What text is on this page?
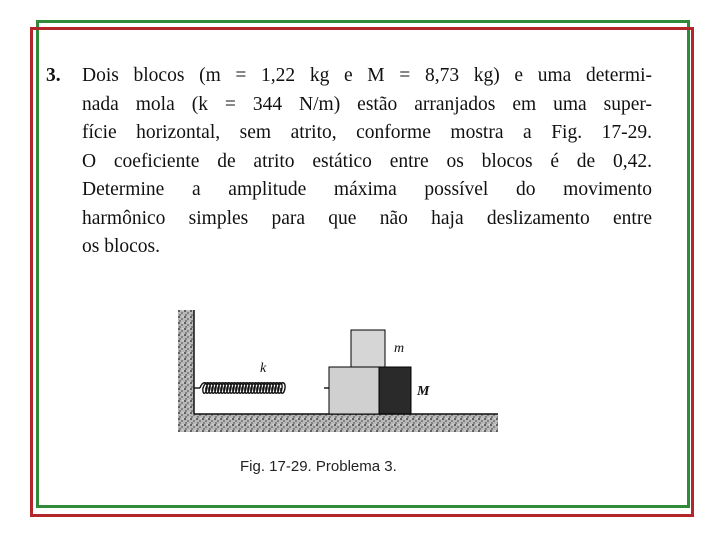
3. Dois blocos (m = 1,22 kg e M = 8,73 kg) e uma determi-
nada mola (k = 344 N/m) estão arranjados em uma super-
fície horizontal, sem atrito, conforme mostra a Fig. 17-29.
O coeficiente de atrito estático entre os blocos é de 0,42.
Determine a amplitude máxima possível do movimento
harmônico simples para que não haja deslizamento entre
os blocos.
k
m
M
Fig. 17-29. Problema 3.
